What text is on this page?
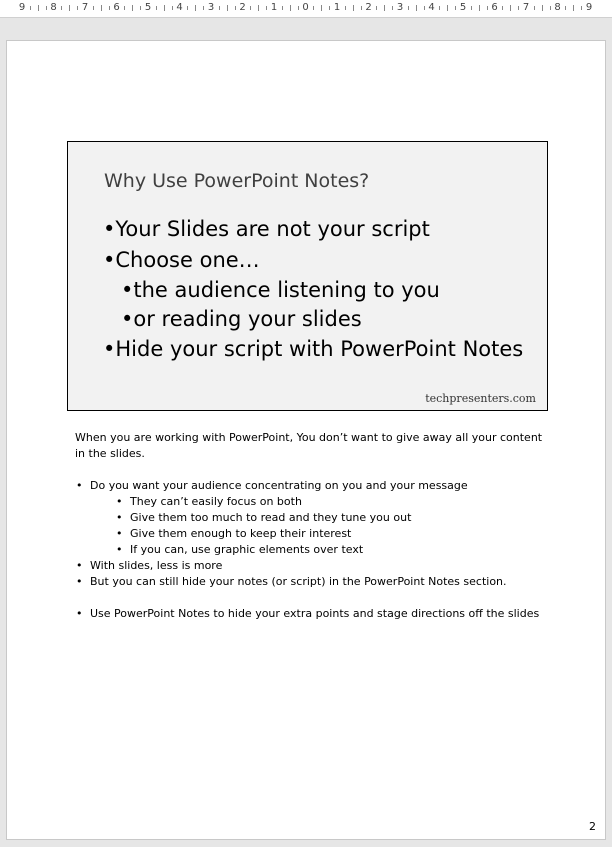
9	8	7	6	5	4	3	2	1	0	1	2	3	4	5	6	7	8	9
Why Use PowerPoint Notes?
•Your Slides are not your script
•Choose one…
•the audience listening to you
•or reading your slides
•Hide your script with PowerPoint Notes
techpresenters.com

When you are working with PowerPoint, You don’t want to give away all your content in the slides.

• Do you want your audience concentrating on you and your message
• They can’t easily focus on both
• Give them too much to read and they tune you out
• Give them enough to keep their interest
• If you can, use graphic elements over text
• With slides, less is more
• But you can still hide your notes (or script) in the PowerPoint Notes section.
• Use PowerPoint Notes to hide your extra points and stage directions off the slides
2
